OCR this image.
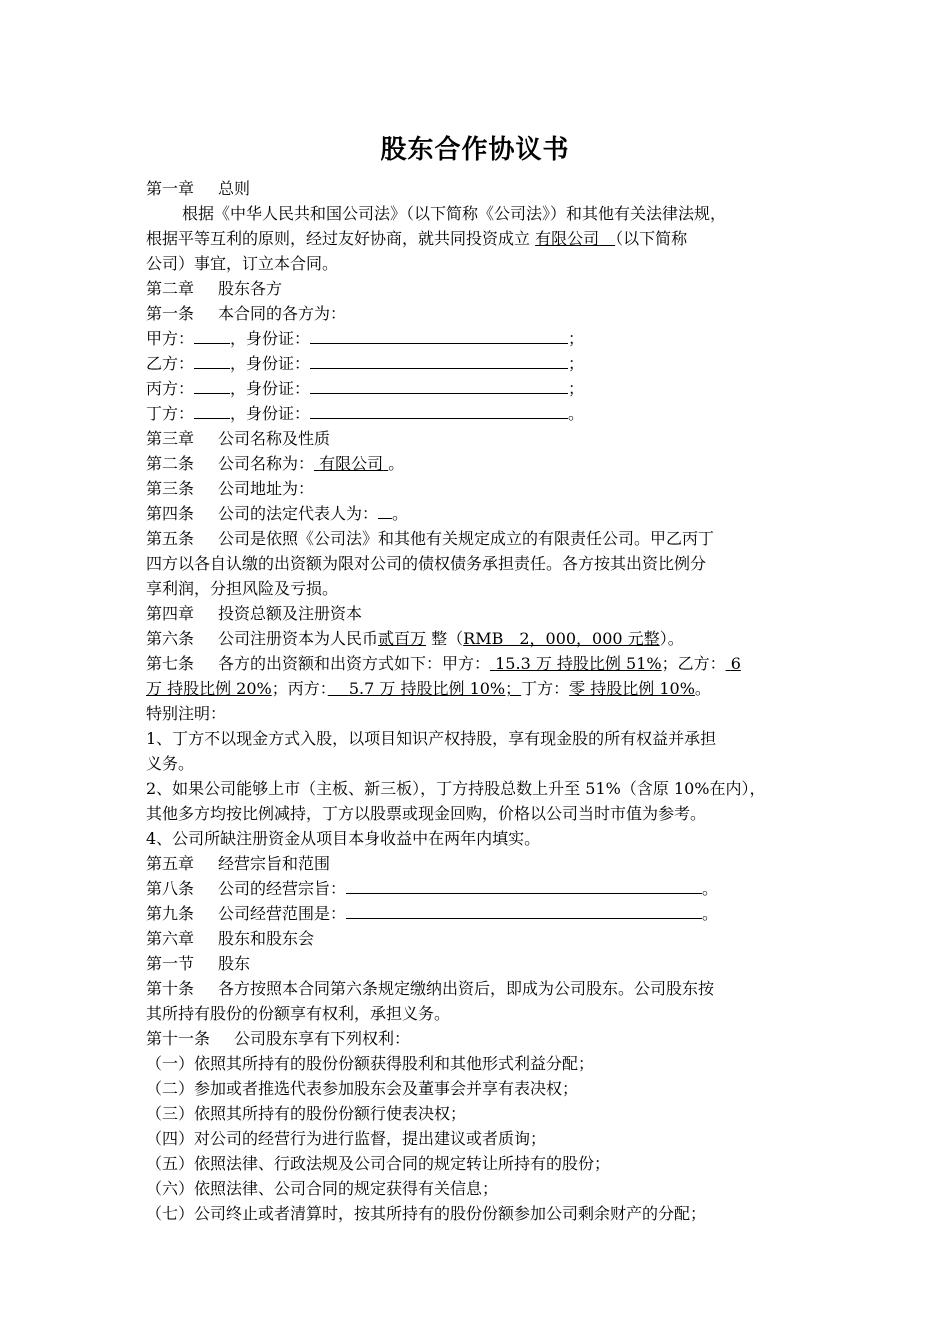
股东合作协议书
第一章 总则
根据《中华人民共和国公司法》（以下简称《公司法》）和其他有关法律法规，
根据平等互利的原则，经过友好协商，就共同投资成立 有限公司　 （以下简称
公司）事宜，订立本合同。
第二章 股东各方
第一条 本合同的各方为：
甲方： ，身份证：	；
乙方： ，身份证：	；
丙方： ，身份证：	；
丁方： ，身份证：	。
第三章 公司名称及性质
第二条 公司名称为： 有限公司 。
第三条 公司地址为：
第四条 公司的法定代表人为： 。
第五条 公司是依照《公司法》和其他有关规定成立的有限责任公司。甲乙丙丁
四方以各自认缴的出资额为限对公司的债权债务承担责任。各方按其出资比例分
享利润，分担风险及亏损。
第四章 投资总额及注册资本
第六条 公司注册资本为人民币贰百万 整（RMB　2，000，000 元整）。
第七条 各方的出资额和出资方式如下：甲方： 15.3 万 持股比例 51%；乙方： 6
万 持股比例 20%；丙方：　 5.7 万 持股比例 10%；丁方：零 持股比例 10%。
特别注明：
1、丁方不以现金方式入股，以项目知识产权持股，享有现金股的所有权益并承担
义务。
2、如果公司能够上市（主板、新三板），丁方持股总数上升至 51%（含原 10%在内），
其他多方均按比例减持，丁方以股票或现金回购，价格以公司当时市值为参考。
4、公司所缺注册资金从项目本身收益中在两年内填实。
第五章 经营宗旨和范围
第八条 公司的经营宗旨：	。
第九条 公司经营范围是：	。
第六章 股东和股东会
第一节 股东
第十条 各方按照本合同第六条规定缴纳出资后，即成为公司股东。公司股东按
其所持有股份的份额享有权利，承担义务。
第十一条 公司股东享有下列权利：
（一）依照其所持有的股份份额获得股利和其他形式利益分配；
（二）参加或者推选代表参加股东会及董事会并享有表决权；
（三）依照其所持有的股份份额行使表决权；
（四）对公司的经营行为进行监督，提出建议或者质询；
（五）依照法律、行政法规及公司合同的规定转让所持有的股份；
（六）依照法律、公司合同的规定获得有关信息；
（七）公司终止或者清算时，按其所持有的股份份额参加公司剩余财产的分配；
